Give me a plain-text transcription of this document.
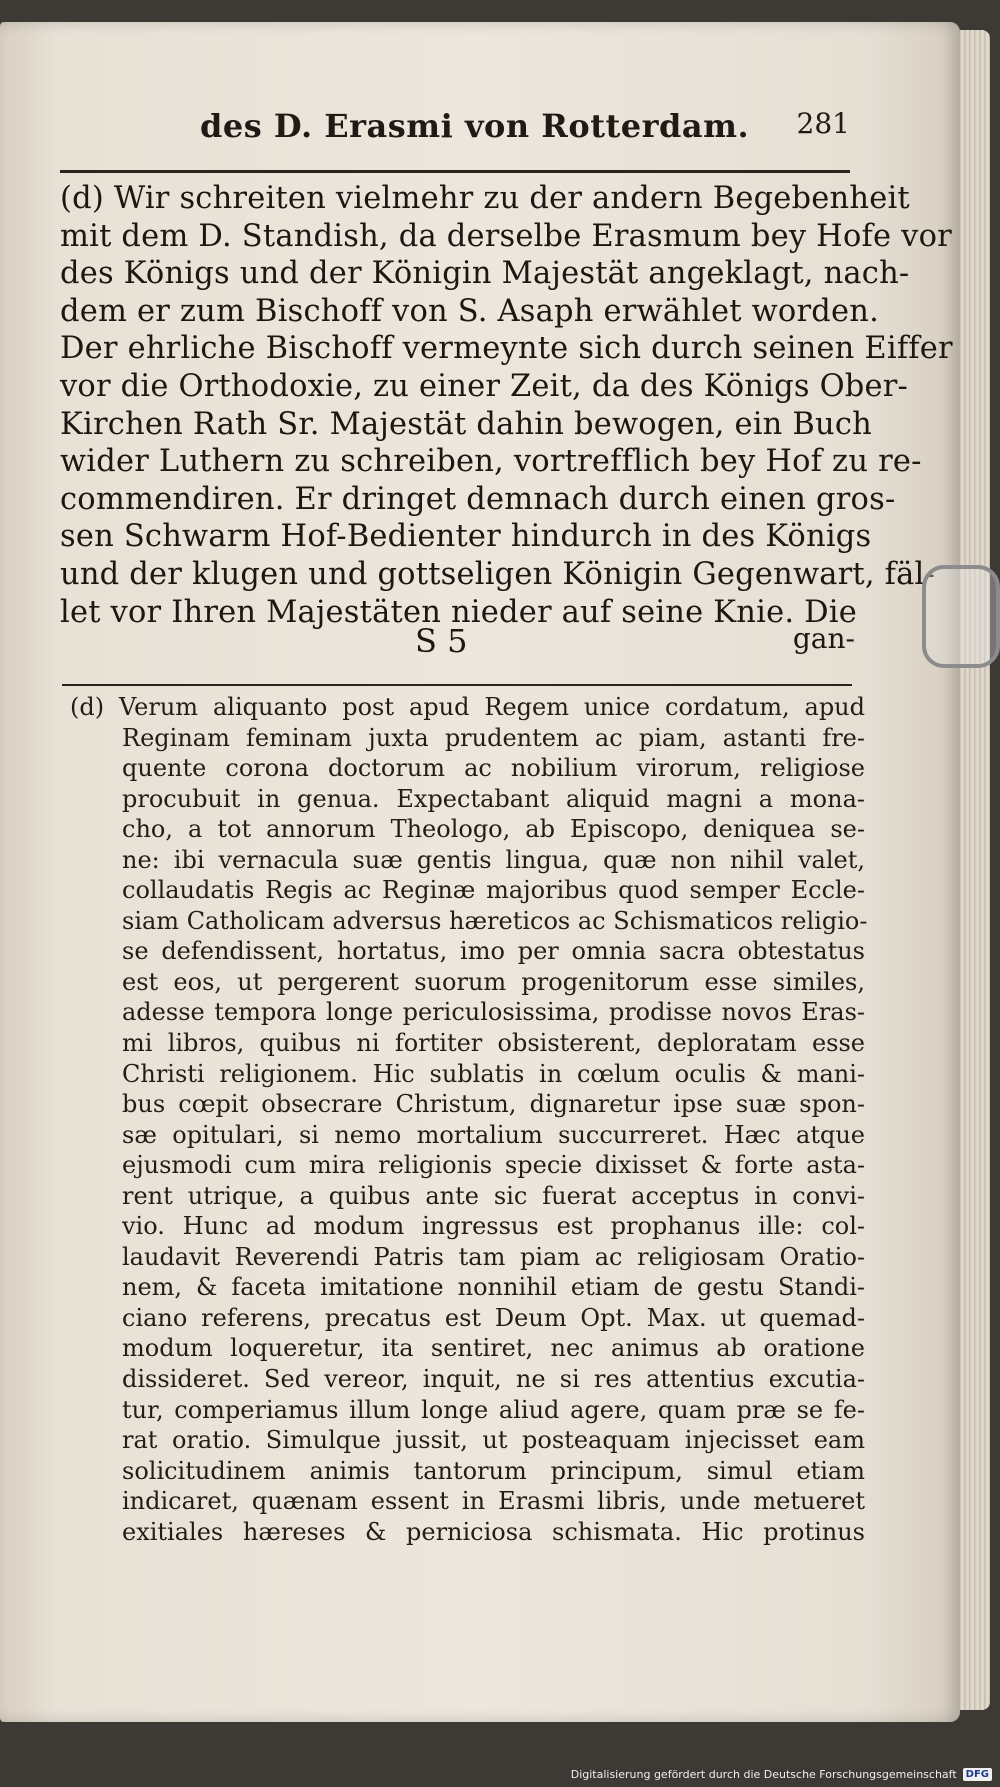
des D. Erasmi von Rotterdam. 281
(d) Wir schreiten vielmehr zu der andern Begebenheit
mit dem D. Standish, da derselbe Erasmum bey Hofe vor
des Königs und der Königin Majestät angeklagt, nach-
dem er zum Bischoff von S. Asaph erwählet worden.
Der ehrliche Bischoff vermeynte sich durch seinen Eiffer
vor die Orthodoxie, zu einer Zeit, da des Königs Ober-
Kirchen Rath Sr. Majestät dahin bewogen, ein Buch
wider Luthern zu schreiben, vortrefflich bey Hof zu re-
commendiren. Er dringet demnach durch einen gros-
sen Schwarm Hof-Bedienter hindurch in des Königs
und der klugen und gottseligen Königin Gegenwart, fäl-
let vor Ihren Majestäten nieder auf seine Knie. Die
S 5	gan-
(d) Verum aliquanto post apud Regem unice cordatum, apud
Reginam feminam juxta prudentem ac piam, astanti fre-
quente corona doctorum ac nobilium virorum, religiose
procubuit in genua. Expectabant aliquid magni a mona-
cho, a tot annorum Theologo, ab Episcopo, deniquea se-
ne: ibi vernacula suæ gentis lingua, quæ non nihil valet,
collaudatis Regis ac Reginæ majoribus quod semper Eccle-
siam Catholicam adversus hæreticos ac Schismaticos religio-
se defendissent, hortatus, imo per omnia sacra obtestatus
est eos, ut pergerent suorum progenitorum esse similes,
adesse tempora longe periculosissima, prodisse novos Eras-
mi libros, quibus ni fortiter obsisterent, deploratam esse
Christi religionem. Hic sublatis in cœlum oculis & mani-
bus cœpit obsecrare Christum, dignaretur ipse suæ spon-
sæ opitulari, si nemo mortalium succurreret. Hæc atque
ejusmodi cum mira religionis specie dixisset & forte asta-
rent utrique, a quibus ante sic fuerat acceptus in convi-
vio. Hunc ad modum ingressus est prophanus ille: col-
laudavit Reverendi Patris tam piam ac religiosam Oratio-
nem, & faceta imitatione nonnihil etiam de gestu Standi-
ciano referens, precatus est Deum Opt. Max. ut quemad-
modum loqueretur, ita sentiret, nec animus ab oratione
dissideret. Sed vereor, inquit, ne si res attentius excutia-
tur, comperiamus illum longe aliud agere, quam præ se fe-
rat oratio. Simulque jussit, ut posteaquam injecisset eam
solicitudinem animis tantorum principum, simul etiam
indicaret, quænam essent in Erasmi libris, unde metueret
exitiales hæreses & perniciosa schismata. Hic protinus
Digitalisierung gefördert durch die Deutsche Forschungsgemeinschaft DFG
